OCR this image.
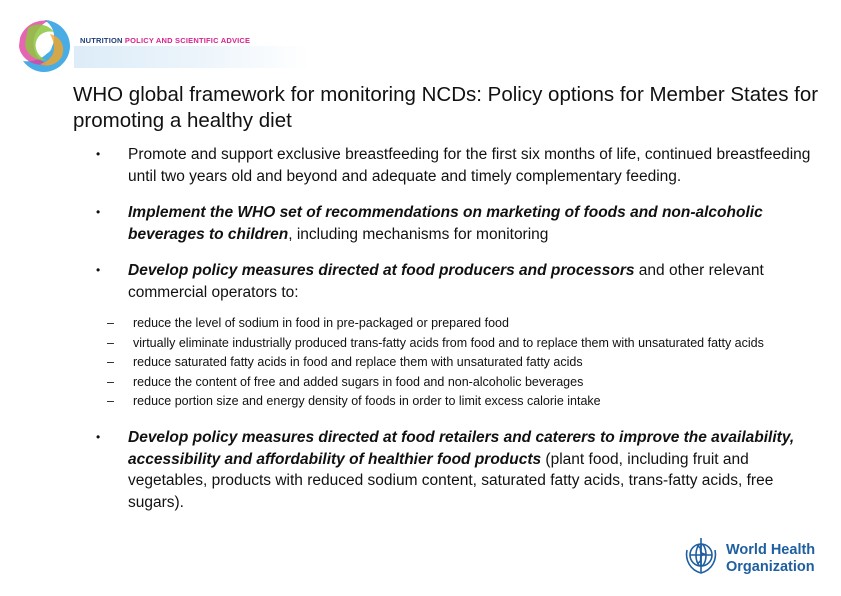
NUTRITION POLICY AND SCIENTIFIC ADVICE
WHO global framework for monitoring NCDs: Policy options for Member States for promoting a healthy diet
• Promote and support exclusive breastfeeding for the first six months of life, continued breastfeeding until two years old and beyond and adequate and timely complementary feeding.
• Implement the WHO set of recommendations on marketing of foods and non-alcoholic beverages to children, including mechanisms for monitoring
• Develop policy measures directed at food producers and processors and other relevant commercial operators to:
– reduce the level of sodium in food in pre-packaged or prepared food
– virtually eliminate industrially produced trans-fatty acids from food and to replace them with unsaturated fatty acids
– reduce saturated fatty acids in food and replace them with unsaturated fatty acids
– reduce the content of free and added sugars in food and non-alcoholic beverages
– reduce portion size and energy density of foods in order to limit excess calorie intake
• Develop policy measures directed at food retailers and caterers to improve the availability, accessibility and affordability of healthier food products (plant food, including fruit and vegetables, products with reduced sodium content, saturated fatty acids, trans-fatty acids, free sugars).
World Health
Organization
